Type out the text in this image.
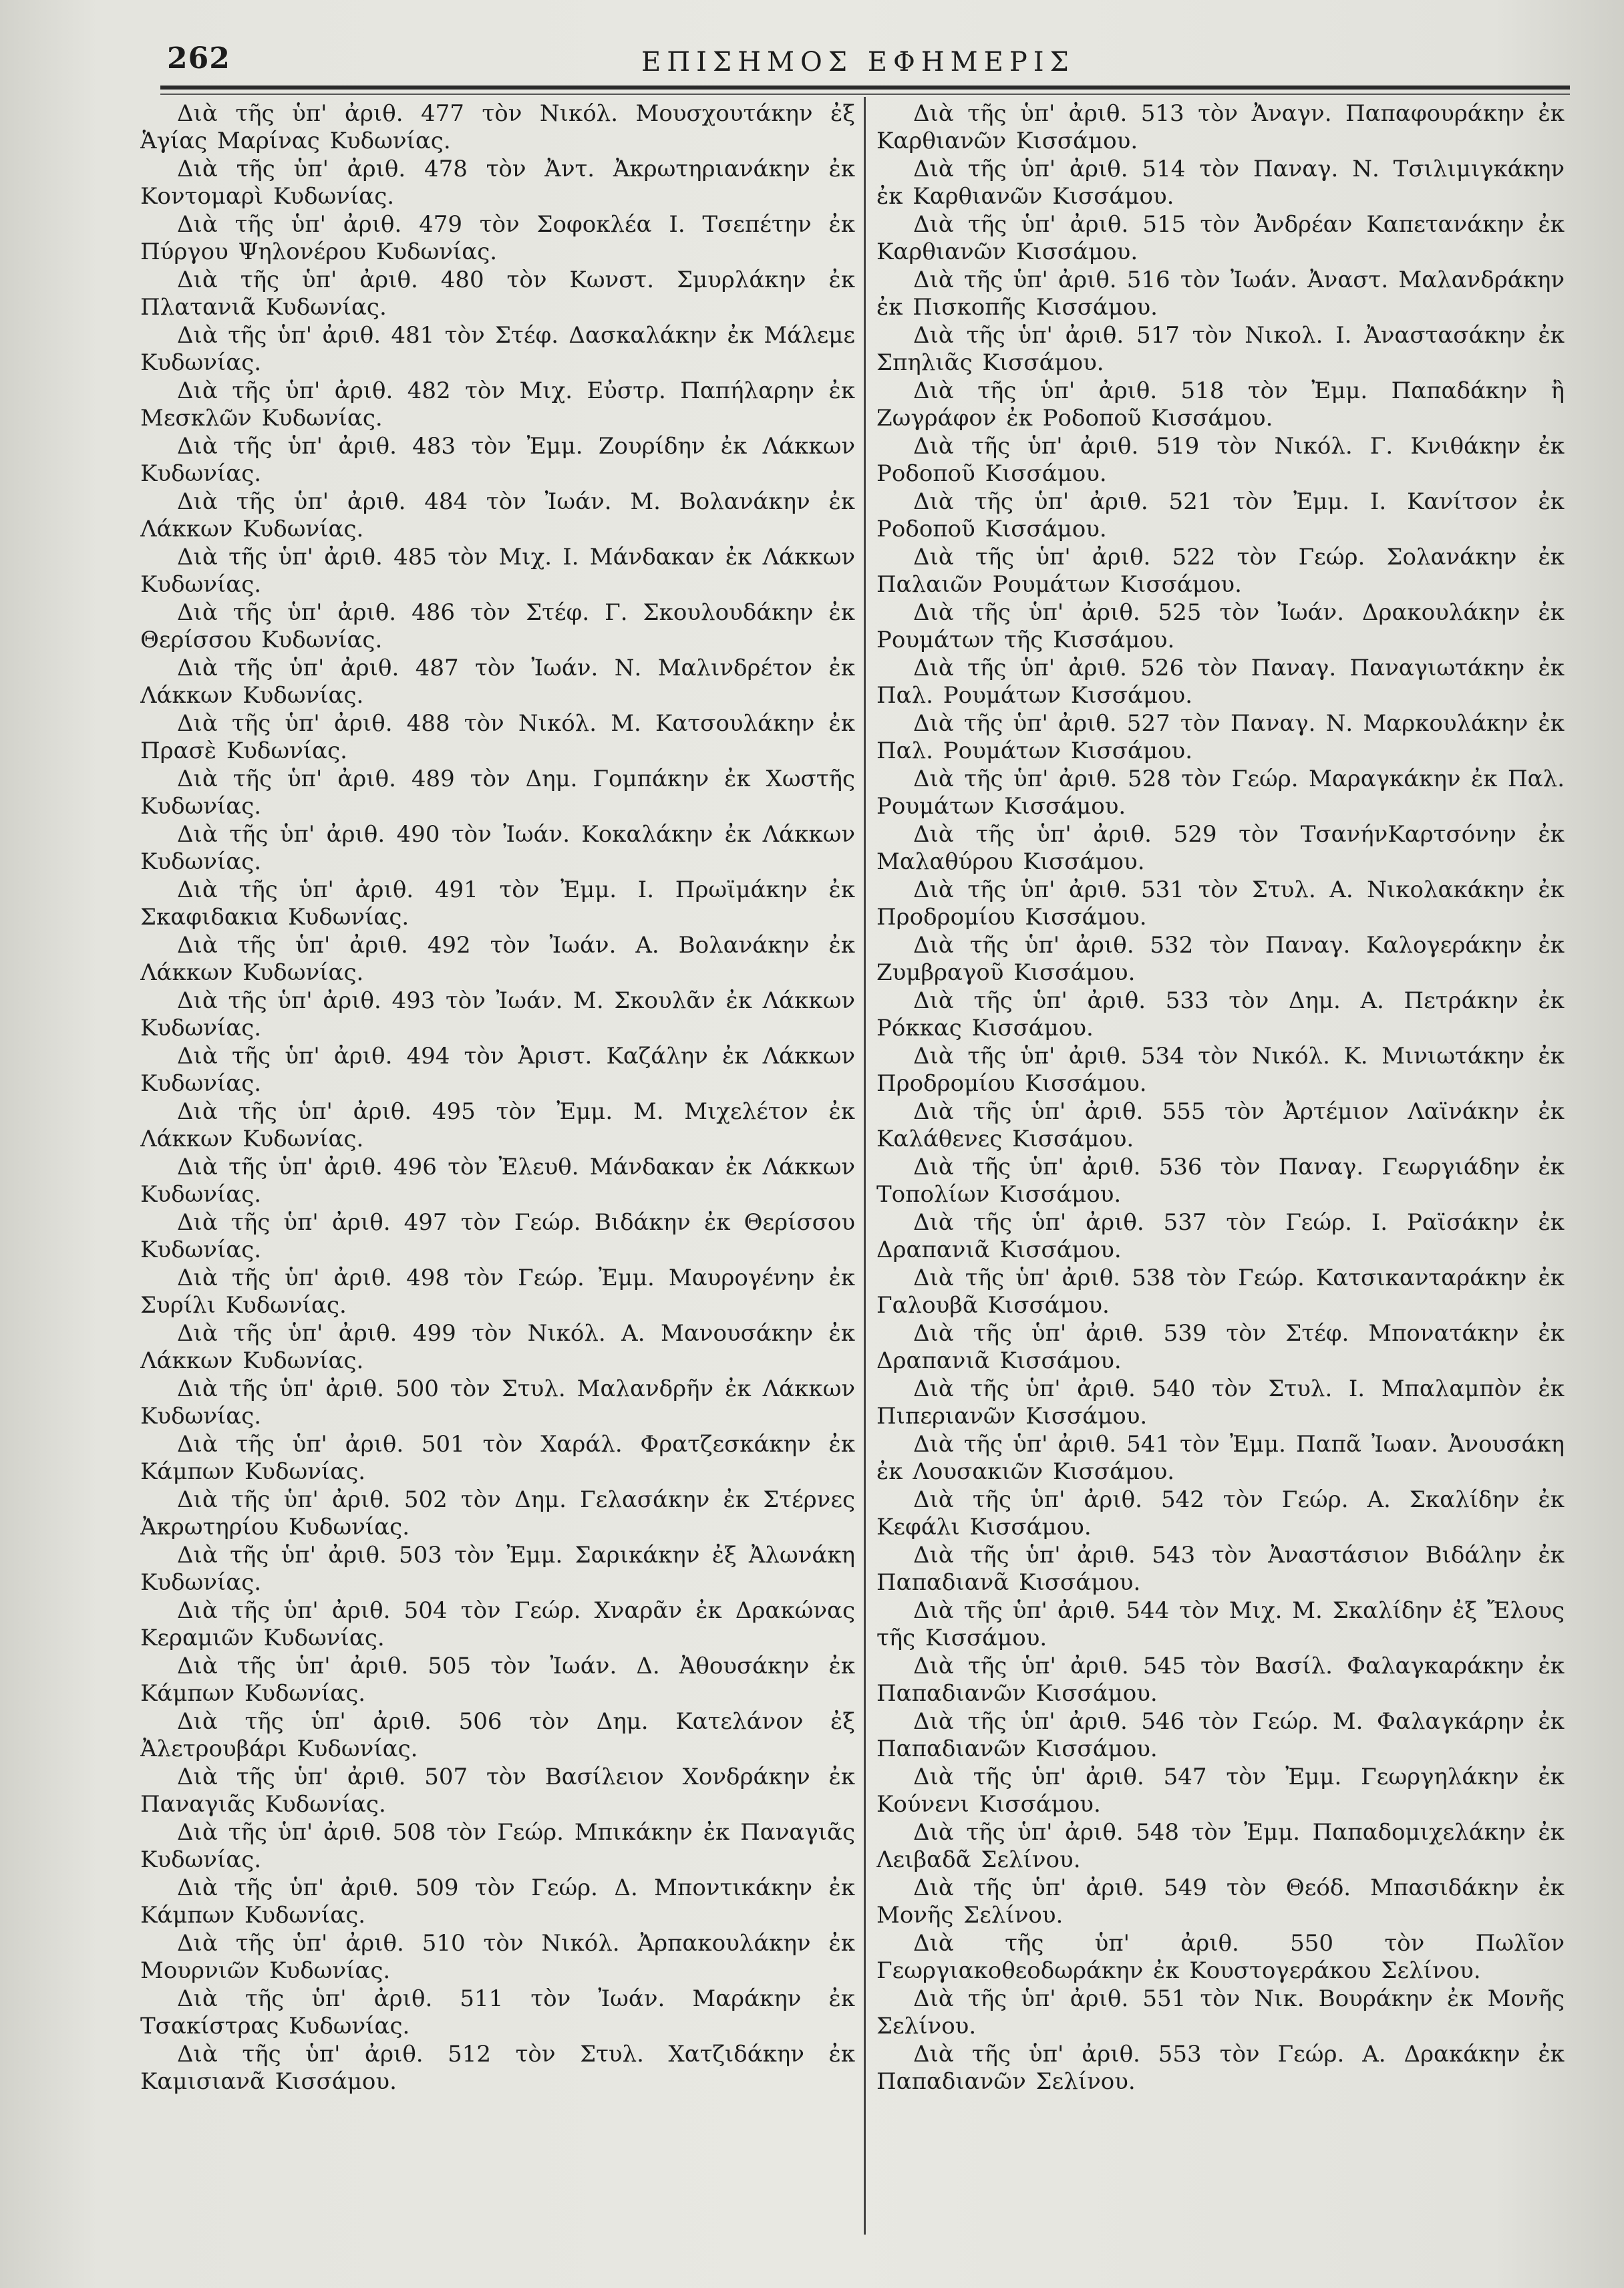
262	ΕΠΙΣΗΜΟΣ ΕΦΗΜΕΡΙΣ

Διὰ τῆς ὑπ' ἀριθ. 477 τὸν Νικόλ. Μουσχουτάκην ἐξ Ἁγίας Μαρίνας Κυδωνίας.

Διὰ τῆς ὑπ' ἀριθ. 478 τὸν Ἀντ. Ἀκρωτηριανάκην ἐκ Κοντομαρὶ Κυδωνίας.

Διὰ τῆς ὑπ' ἀριθ. 479 τὸν Σοφοκλέα Ι. Τσεπέτην ἐκ Πύργου Ψηλονέρου Κυδωνίας.

Διὰ τῆς ὑπ' ἀριθ. 480 τὸν Κωνστ. Σμυρλάκην ἐκ Πλατανιᾶ Κυδωνίας.

Διὰ τῆς ὑπ' ἀριθ. 481 τὸν Στέφ. Δασκαλάκην ἐκ Μάλεμε Κυδωνίας.

Διὰ τῆς ὑπ' ἀριθ. 482 τὸν Μιχ. Εὐστρ. Παπήλαρην ἐκ Μεσκλῶν Κυδωνίας.

Διὰ τῆς ὑπ' ἀριθ. 483 τὸν Ἐμμ. Ζουρίδην ἐκ Λάκκων Κυδωνίας.

Διὰ τῆς ὑπ' ἀριθ. 484 τὸν Ἰωάν. Μ. Βολανάκην ἐκ Λάκκων Κυδωνίας.

Διὰ τῆς ὑπ' ἀριθ. 485 τὸν Μιχ. Ι. Μάνδακαν ἐκ Λάκκων Κυδωνίας.

Διὰ τῆς ὑπ' ἀριθ. 486 τὸν Στέφ. Γ. Σκουλουδάκην ἐκ Θερίσσου Κυδωνίας.

Διὰ τῆς ὑπ' ἀριθ. 487 τὸν Ἰωάν. Ν. Μαλινδρέτον ἐκ Λάκκων Κυδωνίας.

Διὰ τῆς ὑπ' ἀριθ. 488 τὸν Νικόλ. Μ. Κατσουλάκην ἐκ Πρασὲ Κυδωνίας.

Διὰ τῆς ὑπ' ἀριθ. 489 τὸν Δημ. Γομπάκην ἐκ Χωστῆς Κυδωνίας.

Διὰ τῆς ὑπ' ἀριθ. 490 τὸν Ἰωάν. Κοκαλάκην ἐκ Λάκκων Κυδωνίας.

Διὰ τῆς ὑπ' ἀριθ. 491 τὸν Ἐμμ. Ι. Πρωϊμάκην ἐκ Σκαφιδακια Κυδωνίας.

Διὰ τῆς ὑπ' ἀριθ. 492 τὸν Ἰωάν. Α. Βολανάκην ἐκ Λάκκων Κυδωνίας.

Διὰ τῆς ὑπ' ἀριθ. 493 τὸν Ἰωάν. Μ. Σκουλᾶν ἐκ Λάκκων Κυδωνίας.

Διὰ τῆς ὑπ' ἀριθ. 494 τὸν Ἀριστ. Καζάλην ἐκ Λάκκων Κυδωνίας.

Διὰ τῆς ὑπ' ἀριθ. 495 τὸν Ἐμμ. Μ. Μιχελέτον ἐκ Λάκκων Κυδωνίας.

Διὰ τῆς ὑπ' ἀριθ. 496 τὸν Ἐλευθ. Μάνδακαν ἐκ Λάκκων Κυδωνίας.

Διὰ τῆς ὑπ' ἀριθ. 497 τὸν Γεώρ. Βιδάκην ἐκ Θερίσσου Κυδωνίας.

Διὰ τῆς ὑπ' ἀριθ. 498 τὸν Γεώρ. Ἐμμ. Μαυρογένην ἐκ Συρίλι Κυδωνίας.

Διὰ τῆς ὑπ' ἀριθ. 499 τὸν Νικόλ. Α. Μανουσάκην ἐκ Λάκκων Κυδωνίας.

Διὰ τῆς ὑπ' ἀριθ. 500 τὸν Στυλ. Μαλανδρῆν ἐκ Λάκκων Κυδωνίας.

Διὰ τῆς ὑπ' ἀριθ. 501 τὸν Χαράλ. Φρατζεσκάκην ἐκ Κάμπων Κυδωνίας.

Διὰ τῆς ὑπ' ἀριθ. 502 τὸν Δημ. Γελασάκην ἐκ Στέρνες Ἀκρωτηρίου Κυδωνίας.

Διὰ τῆς ὑπ' ἀριθ. 503 τὸν Ἐμμ. Σαρικάκην ἐξ Ἀλωνάκη Κυδωνίας.

Διὰ τῆς ὑπ' ἀριθ. 504 τὸν Γεώρ. Χναρᾶν ἐκ Δρακώνας Κεραμιῶν Κυδωνίας.

Διὰ τῆς ὑπ' ἀριθ. 505 τὸν Ἰωάν. Δ. Ἀθουσάκην ἐκ Κάμπων Κυδωνίας.

Διὰ τῆς ὑπ' ἀριθ. 506 τὸν Δημ. Κατελάνον ἐξ Ἀλετρουβάρι Κυδωνίας.

Διὰ τῆς ὑπ' ἀριθ. 507 τὸν Βασίλειον Χονδράκην ἐκ Παναγιᾶς Κυδωνίας.

Διὰ τῆς ὑπ' ἀριθ. 508 τὸν Γεώρ. Μπικάκην ἐκ Παναγιᾶς Κυδωνίας.

Διὰ τῆς ὑπ' ἀριθ. 509 τὸν Γεώρ. Δ. Μποντικάκην ἐκ Κάμπων Κυδωνίας.

Διὰ τῆς ὑπ' ἀριθ. 510 τὸν Νικόλ. Ἀρπακουλάκην ἐκ Μουρνιῶν Κυδωνίας.

Διὰ τῆς ὑπ' ἀριθ. 511 τὸν Ἰωάν. Μαράκην ἐκ Τσακίστρας Κυδωνίας.

Διὰ τῆς ὑπ' ἀριθ. 512 τὸν Στυλ. Χατζιδάκην ἐκ Καμισιανᾶ Κισσάμου.

Διὰ τῆς ὑπ' ἀριθ. 513 τὸν Ἀναγν. Παπαφουράκην ἐκ Καρθιανῶν Κισσάμου.

Διὰ τῆς ὑπ' ἀριθ. 514 τὸν Παναγ. Ν. Τσιλιμιγκάκην ἐκ Καρθιανῶν Κισσάμου.

Διὰ τῆς ὑπ' ἀριθ. 515 τὸν Ἀνδρέαν Καπετανάκην ἐκ Καρθιανῶν Κισσάμου.

Διὰ τῆς ὑπ' ἀριθ. 516 τὸν Ἰωάν. Ἀναστ. Μαλανδράκην ἐκ Πισκοπῆς Κισσάμου.

Διὰ τῆς ὑπ' ἀριθ. 517 τὸν Νικολ. Ι. Ἀναστασάκην ἐκ Σπηλιᾶς Κισσάμου.

Διὰ τῆς ὑπ' ἀριθ. 518 τὸν Ἐμμ. Παπαδάκην ἢ Ζωγράφον ἐκ Ροδοποῦ Κισσάμου.

Διὰ τῆς ὑπ' ἀριθ. 519 τὸν Νικόλ. Γ. Κνιθάκην ἐκ Ροδοποῦ Κισσάμου.

Διὰ τῆς ὑπ' ἀριθ. 521 τὸν Ἐμμ. Ι. Κανίτσον ἐκ Ροδοποῦ Κισσάμου.

Διὰ τῆς ὑπ' ἀριθ. 522 τὸν Γεώρ. Σολανάκην ἐκ Παλαιῶν Ρουμάτων Κισσάμου.

Διὰ τῆς ὑπ' ἀριθ. 525 τὸν Ἰωάν. Δρακουλάκην ἐκ Ρουμάτων τῆς Κισσάμου.

Διὰ τῆς ὑπ' ἀριθ. 526 τὸν Παναγ. Παναγιωτάκην ἐκ Παλ. Ρουμάτων Κισσάμου.

Διὰ τῆς ὑπ' ἀριθ. 527 τὸν Παναγ. Ν. Μαρκουλάκην ἐκ Παλ. Ρουμάτων Κισσάμου.

Διὰ τῆς ὑπ' ἀριθ. 528 τὸν Γεώρ. Μαραγκάκην ἐκ Παλ. Ρουμάτων Κισσάμου.

Διὰ τῆς ὑπ' ἀριθ. 529 τὸν ΤσανήνΚαρτσόνην ἐκ Μαλαθύρου Κισσάμου.

Διὰ τῆς ὑπ' ἀριθ. 531 τὸν Στυλ. Α. Νικολακάκην ἐκ Προδρομίου Κισσάμου.

Διὰ τῆς ὑπ' ἀριθ. 532 τὸν Παναγ. Καλογεράκην ἐκ Ζυμβραγοῦ Κισσάμου.

Διὰ τῆς ὑπ' ἀριθ. 533 τὸν Δημ. Α. Πετράκην ἐκ Ρόκκας Κισσάμου.

Διὰ τῆς ὑπ' ἀριθ. 534 τὸν Νικόλ. Κ. Μινιωτάκην ἐκ Προδρομίου Κισσάμου.

Διὰ τῆς ὑπ' ἀριθ. 555 τὸν Ἀρτέμιον Λαϊνάκην ἐκ Καλάθενες Κισσάμου.

Διὰ τῆς ὑπ' ἀριθ. 536 τὸν Παναγ. Γεωργιάδην ἐκ Τοπολίων Κισσάμου.

Διὰ τῆς ὑπ' ἀριθ. 537 τὸν Γεώρ. Ι. Ραϊσάκην ἐκ Δραπανιᾶ Κισσάμου.

Διὰ τῆς ὑπ' ἀριθ. 538 τὸν Γεώρ. Κατσικανταράκην ἐκ Γαλουβᾶ Κισσάμου.

Διὰ τῆς ὑπ' ἀριθ. 539 τὸν Στέφ. Μπονατάκην ἐκ Δραπανιᾶ Κισσάμου.

Διὰ τῆς ὑπ' ἀριθ. 540 τὸν Στυλ. Ι. Μπαλαμπὸν ἐκ Πιπεριανῶν Κισσάμου.

Διὰ τῆς ὑπ' ἀριθ. 541 τὸν Ἐμμ. Παπᾶ Ἰωαν. Ἀνουσάκη ἐκ Λουσακιῶν Κισσάμου.

Διὰ τῆς ὑπ' ἀριθ. 542 τὸν Γεώρ. Α. Σκαλίδην ἐκ Κεφάλι Κισσάμου.

Διὰ τῆς ὑπ' ἀριθ. 543 τὸν Ἀναστάσιον Βιδάλην ἐκ Παπαδιανᾶ Κισσάμου.

Διὰ τῆς ὑπ' ἀριθ. 544 τὸν Μιχ. Μ. Σκαλίδην ἐξ Ἔλους τῆς Κισσάμου.

Διὰ τῆς ὑπ' ἀριθ. 545 τὸν Βασίλ. Φαλαγκαράκην ἐκ Παπαδιανῶν Κισσάμου.

Διὰ τῆς ὑπ' ἀριθ. 546 τὸν Γεώρ. Μ. Φαλαγκάρην ἐκ Παπαδιανῶν Κισσάμου.

Διὰ τῆς ὑπ' ἀριθ. 547 τὸν Ἐμμ. Γεωργηλάκην ἐκ Κούνενι Κισσάμου.

Διὰ τῆς ὑπ' ἀριθ. 548 τὸν Ἐμμ. Παπαδομιχελάκην ἐκ Λειβαδᾶ Σελίνου.

Διὰ τῆς ὑπ' ἀριθ. 549 τὸν Θεόδ. Μπασιδάκην ἐκ Μονῆς Σελίνου.

Διὰ τῆς ὑπ' ἀριθ. 550 τὸν Πωλῖον Γεωργιακοθεοδωράκην ἐκ Κουστογεράκου Σελίνου.

Διὰ τῆς ὑπ' ἀριθ. 551 τὸν Νικ. Βουράκην ἐκ Μονῆς Σελίνου.

Διὰ τῆς ὑπ' ἀριθ. 553 τὸν Γεώρ. Α. Δρακάκην ἐκ Παπαδιανῶν Σελίνου.
